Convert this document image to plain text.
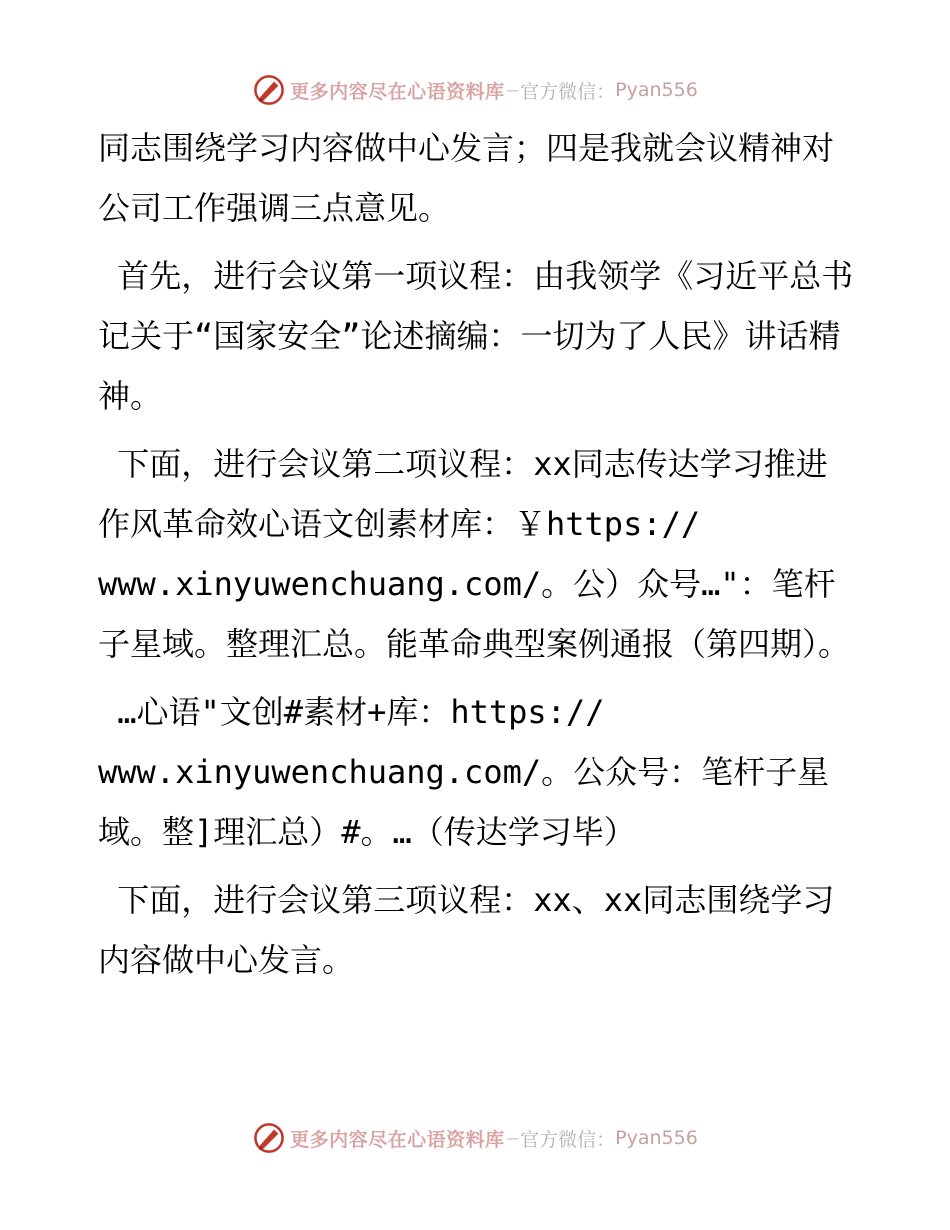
更多内容尽在心语资料库 — 官方微信： Pyan556

同志围绕学习内容做中心发言；四是我就会议精神对公司工作强调三点意见。

首先，进行会议第一项议程：由我领学《习近平总书记关于“国家安全”论述摘编：一切为了人民》讲话精神。

下面，进行会议第二项议程：xx同志传达学习推进作风革命效心语文创素材库：￥https://
www.xinyuwenchuang.com/。公）众号…"：笔杆子星域。整理汇总。能革命典型案例通报（第四期）。

…心语"文创#素材+库：https://
www.xinyuwenchuang.com/。公众号：笔杆子星域。整]理汇总）#。…（传达学习毕）

下面，进行会议第三项议程：xx、xx同志围绕学习内容做中心发言。

更多内容尽在心语资料库 — 官方微信： Pyan556
